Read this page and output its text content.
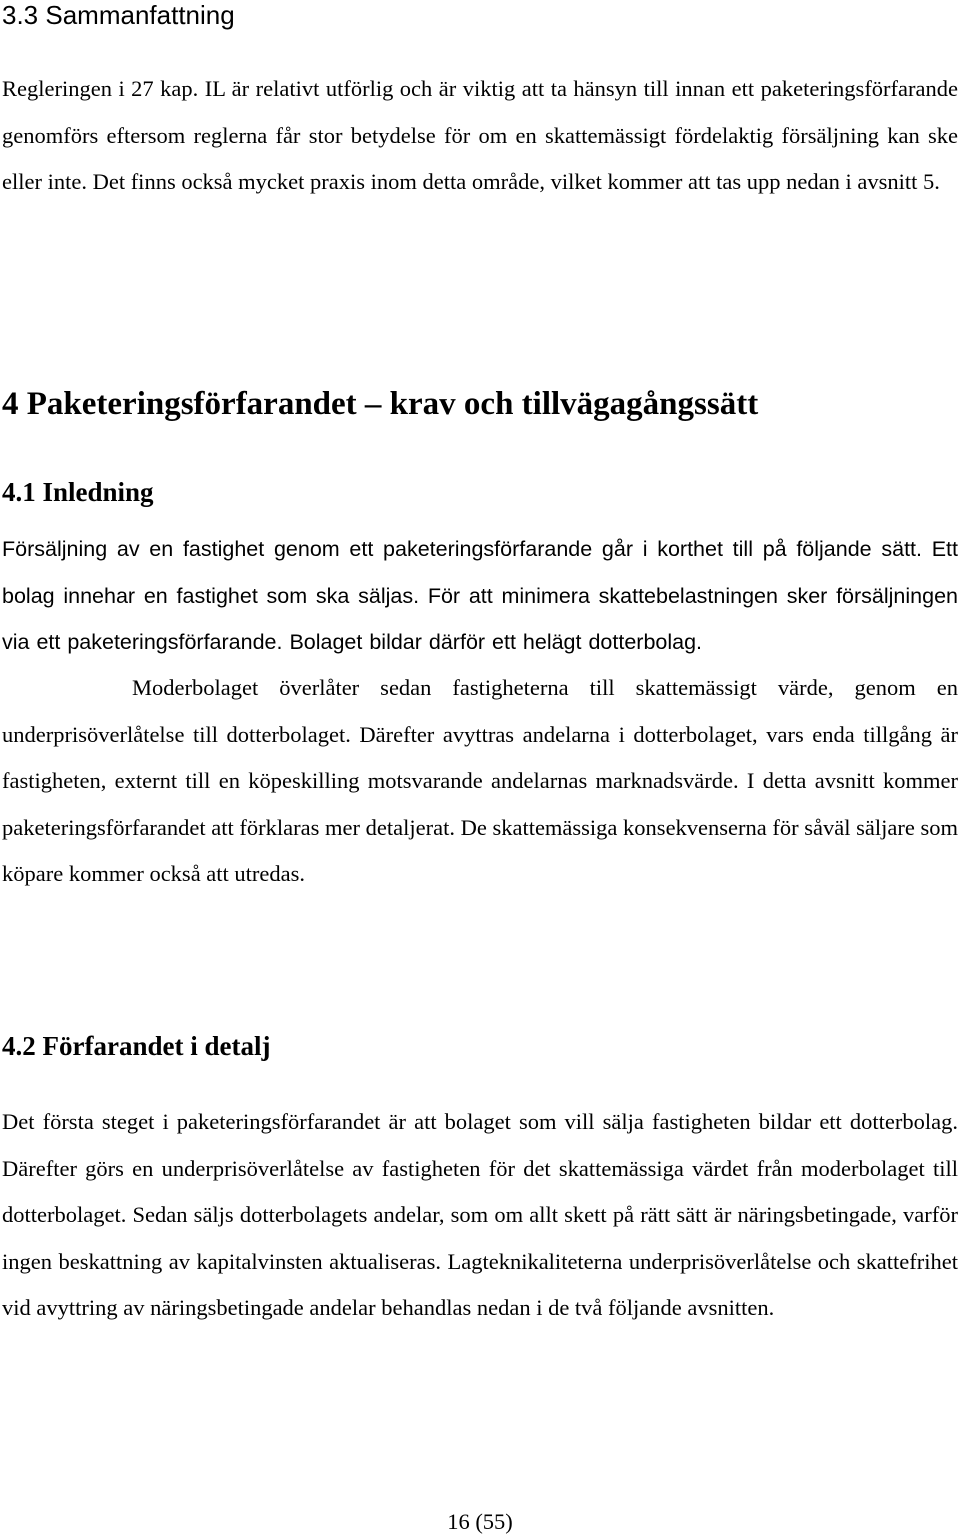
3.3 Sammanfattning

Regleringen i 27 kap. IL är relativt utförlig och är viktig att ta hänsyn till innan ett paketeringsförfarande genomförs eftersom reglerna får stor betydelse för om en skattemässigt fördelaktig försäljning kan ske eller inte. Det finns också mycket praxis inom detta område, vilket kommer att tas upp nedan i avsnitt 5.

4 Paketeringsförfarandet – krav och tillvägagångssätt
4.1 Inledning

Försäljning av en fastighet genom ett paketeringsförfarande går i korthet till på följande sätt. Ett bolag innehar en fastighet som ska säljas. För att minimera skattebelastningen sker försäljningen via ett paketeringsförfarande. Bolaget bildar därför ett helägt dotterbolag.

Moderbolaget överlåter sedan fastigheterna till skattemässigt värde, genom en underprisöverlåtelse till dotterbolaget. Därefter avyttras andelarna i dotterbolaget, vars enda tillgång är fastigheten, externt till en köpeskilling motsvarande andelarnas marknadsvärde. I detta avsnitt kommer paketeringsförfarandet att förklaras mer detaljerat. De skattemässiga konsekvenserna för såväl säljare som köpare kommer också att utredas.

4.2 Förfarandet i detalj

Det första steget i paketeringsförfarandet är att bolaget som vill sälja fastigheten bildar ett dotterbolag. Därefter görs en underprisöverlåtelse av fastigheten för det skattemässiga värdet från moderbolaget till dotterbolaget. Sedan säljs dotterbolagets andelar, som om allt skett på rätt sätt är näringsbetingade, varför ingen beskattning av kapitalvinsten aktualiseras. Lagteknikaliteterna underprisöverlåtelse och skattefrihet vid avyttring av näringsbetingade andelar behandlas nedan i de två följande avsnitten.

16 (55)
